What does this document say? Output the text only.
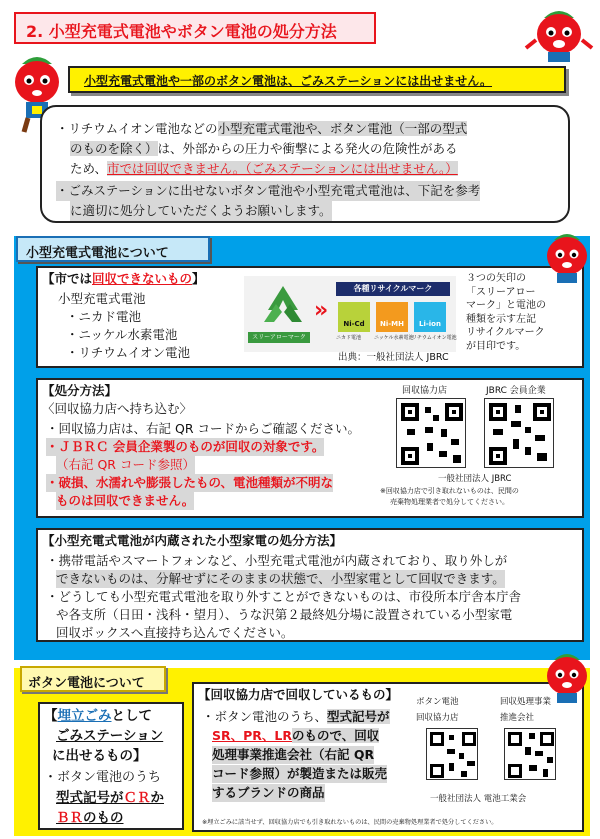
2. 小型充電式電池やボタン電池の処分方法
小型充電式電池や一部のボタン電池は、ごみステーションには出せません。
・リチウムイオン電池などの小型充電式電池や、ボタン電池（一部の型式
のものを除く）は、外部からの圧力や衝撃による発火の危険性がある
ため、市では回収できません。（ごみステーションには出せません。）
・ごみステーションに出せないボタン電池や小型充電式電池は、下記を参考
に適切に処分していただくようお願いします。
小型充電式電池について
【市では回収できないもの】
小型充電式電池
・ニカド電池
・ニッケル水素電池
・リチウムイオン電池
スリーアローマーク
»
各種リサイクルマーク
Ni-Cd	Ni-MH	Li-ion
ニカド電池	ニッケル水素電池
リチウムイオン電池
出典：一般社団法人 JBRC
３つの矢印の
「スリーアロー
マーク」と電池の
種類を示す左記
リサイクルマーク
が目印です。
【処分方法】
〈回収協力店へ持ち込む〉
・回収協力店は、右記 QR コードからご確認ください。
・ＪＢＲＣ 会員企業製のものが回収の対象です。
（右記 QR コード参照）
・破損、水濡れや膨張したもの、電池種類が不明な
ものは回収できません。
回収協力店	JBRC 会員企業
一般社団法人 JBRC
※回収協力店で引き取れないものは、民間の
売棄物処理業者で処分してください。
【小型充電式電池が内蔵された小型家電の処分方法】
・携帯電話やスマートフォンなど、小型充電式電池が内蔵されており、取り外しが
できないものは、分解せずにそのままの状態で、小型家電として回収できます。
・どうしても小型充電式電池を取り外すことができないものは、市役所本庁舎本庁舎
や各支所（日田・浅科・望月）、うな沢第２最終処分場に設置されている小型家電
回収ボックスへ直接持ち込んでください。
ボタン電池について
【埋立ごみとして
ごみステーション
に出せるもの】
・ボタン電池のうち
型式記号がＣＲか
ＢＲのもの
【回収協力店で回収しているもの】
・ボタン電池のうち、型式記号が
SR、PR、LRのもので、回収
処理事業推進会社（右記 QR
コード参照）が製造または販売
するブランドの商品
ボタン電池
回収協力店
回収処理事業
推進会社
一般社団法人 電池工業会
※埋立ごみに該当せず、回収協力店でも引き取れないものは、民間の売棄物処理業者で処分してください。
